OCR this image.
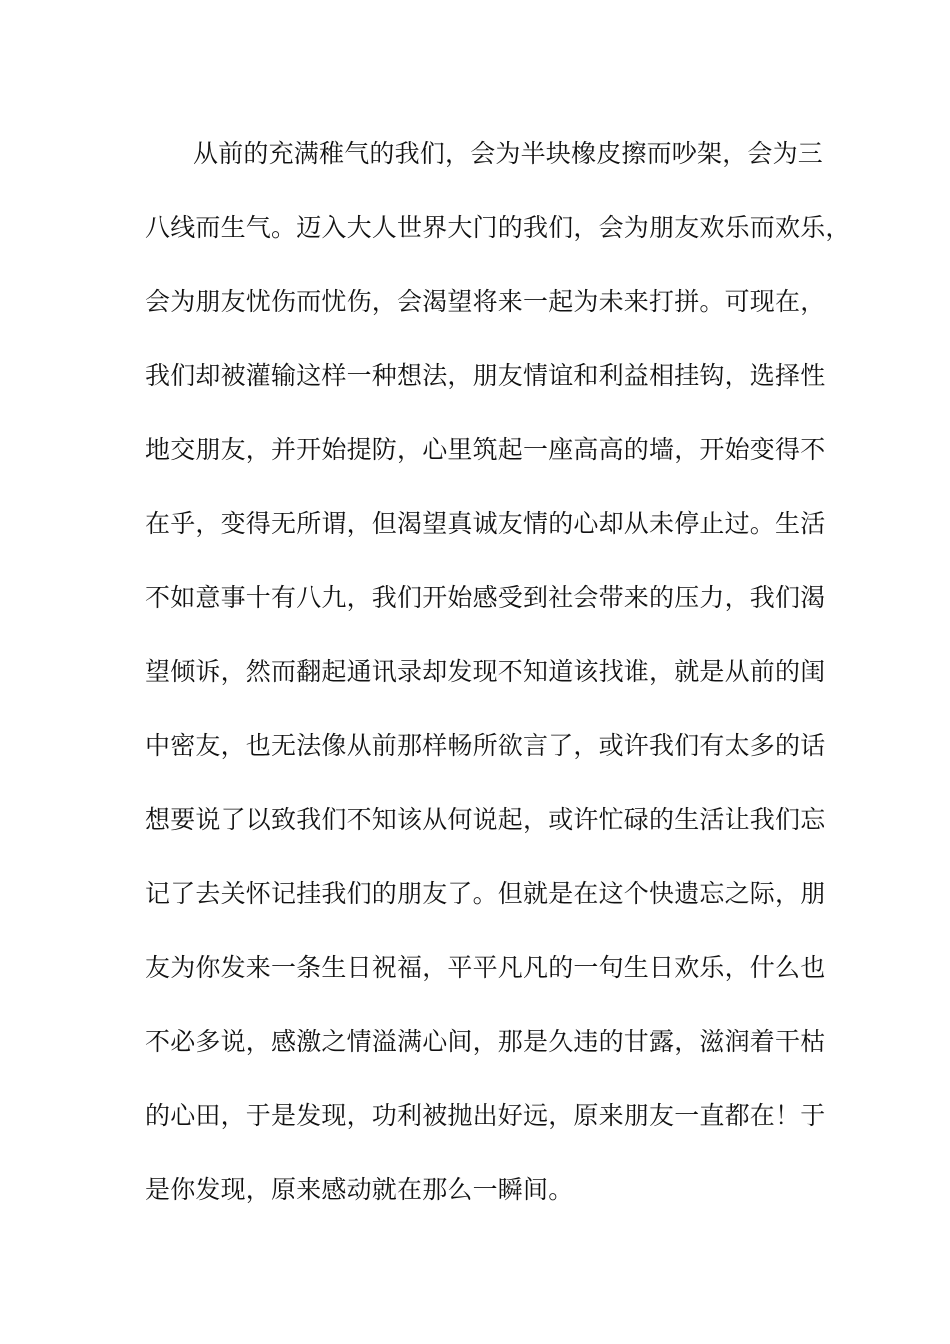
从前的充满稚气的我们，会为半块橡皮擦而吵架，会为三
八线而生气。迈入大人世界大门的我们，会为朋友欢乐而欢乐，
会为朋友忧伤而忧伤，会渴望将来一起为未来打拼。可现在，
我们却被灌输这样一种想法，朋友情谊和利益相挂钩，选择性
地交朋友，并开始提防，心里筑起一座高高的墙，开始变得不
在乎，变得无所谓，但渴望真诚友情的心却从未停止过。生活
不如意事十有八九，我们开始感受到社会带来的压力，我们渴
望倾诉，然而翻起通讯录却发现不知道该找谁，就是从前的闺
中密友，也无法像从前那样畅所欲言了，或许我们有太多的话
想要说了以致我们不知该从何说起，或许忙碌的生活让我们忘
记了去关怀记挂我们的朋友了。但就是在这个快遗忘之际，朋
友为你发来一条生日祝福，平平凡凡的一句生日欢乐，什么也
不必多说，感激之情溢满心间，那是久违的甘露，滋润着干枯
的心田，于是发现，功利被抛出好远，原来朋友一直都在！于
是你发现，原来感动就在那么一瞬间。
